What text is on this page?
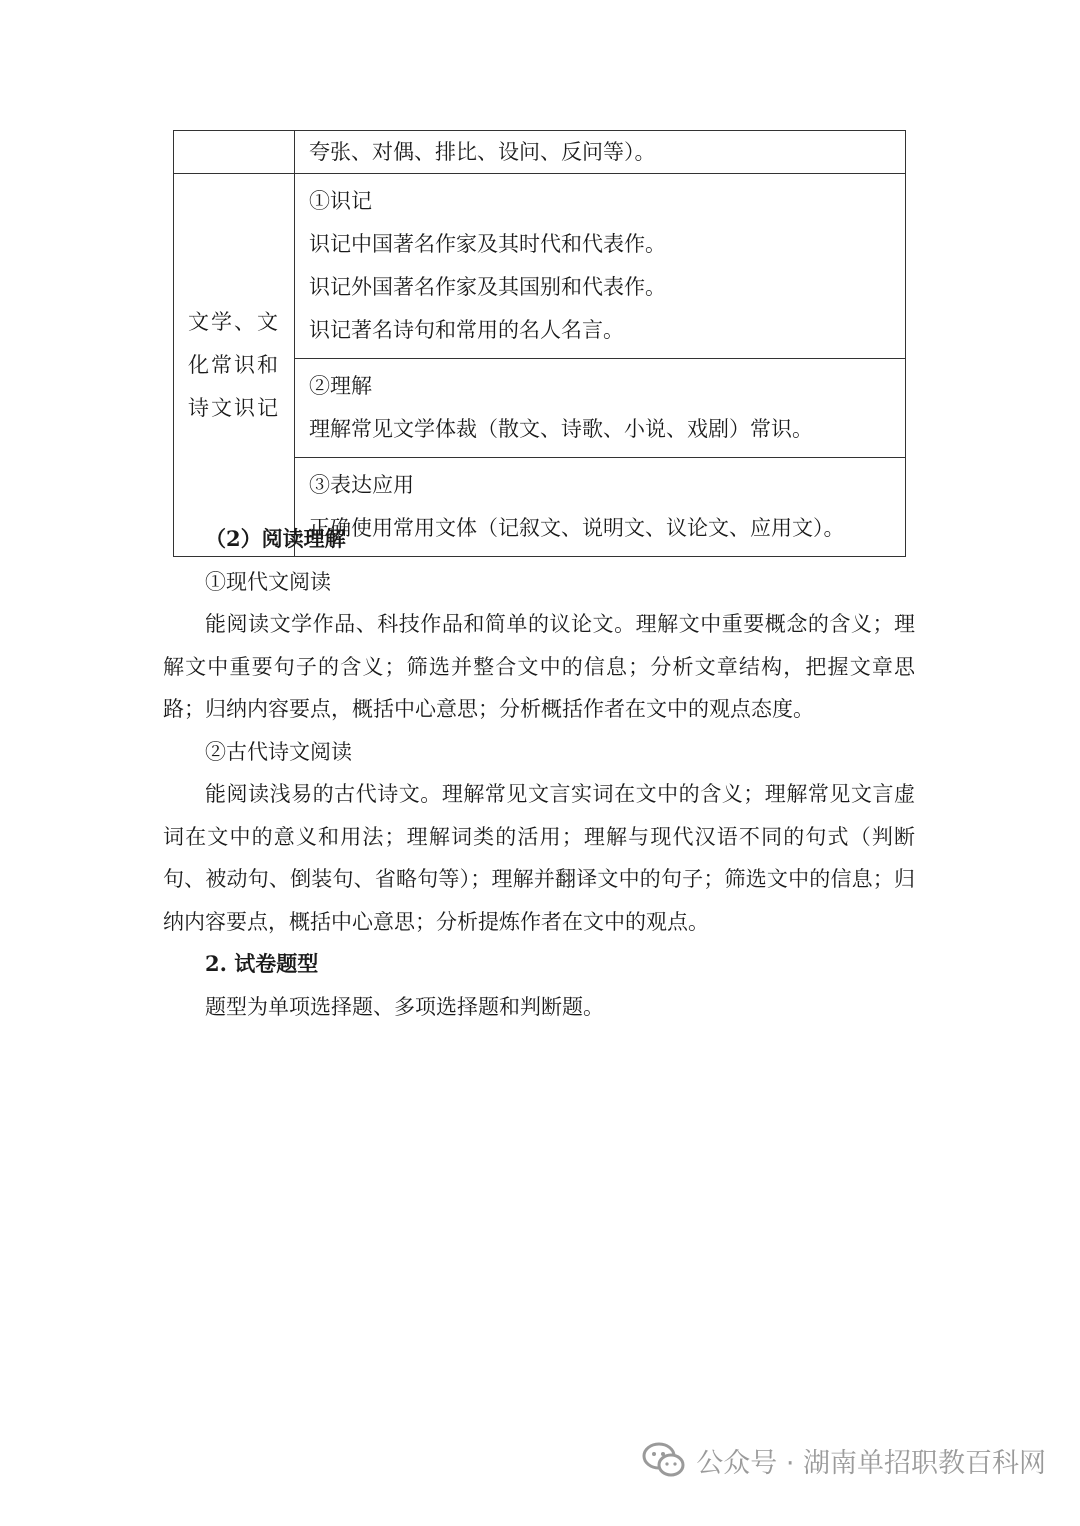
	夸张、对偶、排比、设问、反问等）。
文学、文
化常识和
诗文识记	①识记
识记中国著名作家及其时代和代表作。
识记外国著名作家及其国别和代表作。
识记著名诗句和常用的名人名言。

	②理解
理解常见文学体裁（散文、诗歌、小说、戏剧）常识。

	③表达应用
正确使用常用文体（记叙文、说明文、议论文、应用文）。

（2）阅读理解

①现代文阅读

能阅读文学作品、科技作品和简单的议论文。理解文中重要概念的含义；理解文中重要句子的含义；筛选并整合文中的信息；分析文章结构，把握文章思路；归纳内容要点，概括中心意思；分析概括作者在文中的观点态度。

②古代诗文阅读

能阅读浅易的古代诗文。理解常见文言实词在文中的含义；理解常见文言虚词在文中的意义和用法；理解词类的活用；理解与现代汉语不同的句式（判断句、被动句、倒装句、省略句等）；理解并翻译文中的句子；筛选文中的信息；归纳内容要点，概括中心意思；分析提炼作者在文中的观点。

2. 试卷题型

题型为单项选择题、多项选择题和判断题。

公众号 · 湖南单招职教百科网
